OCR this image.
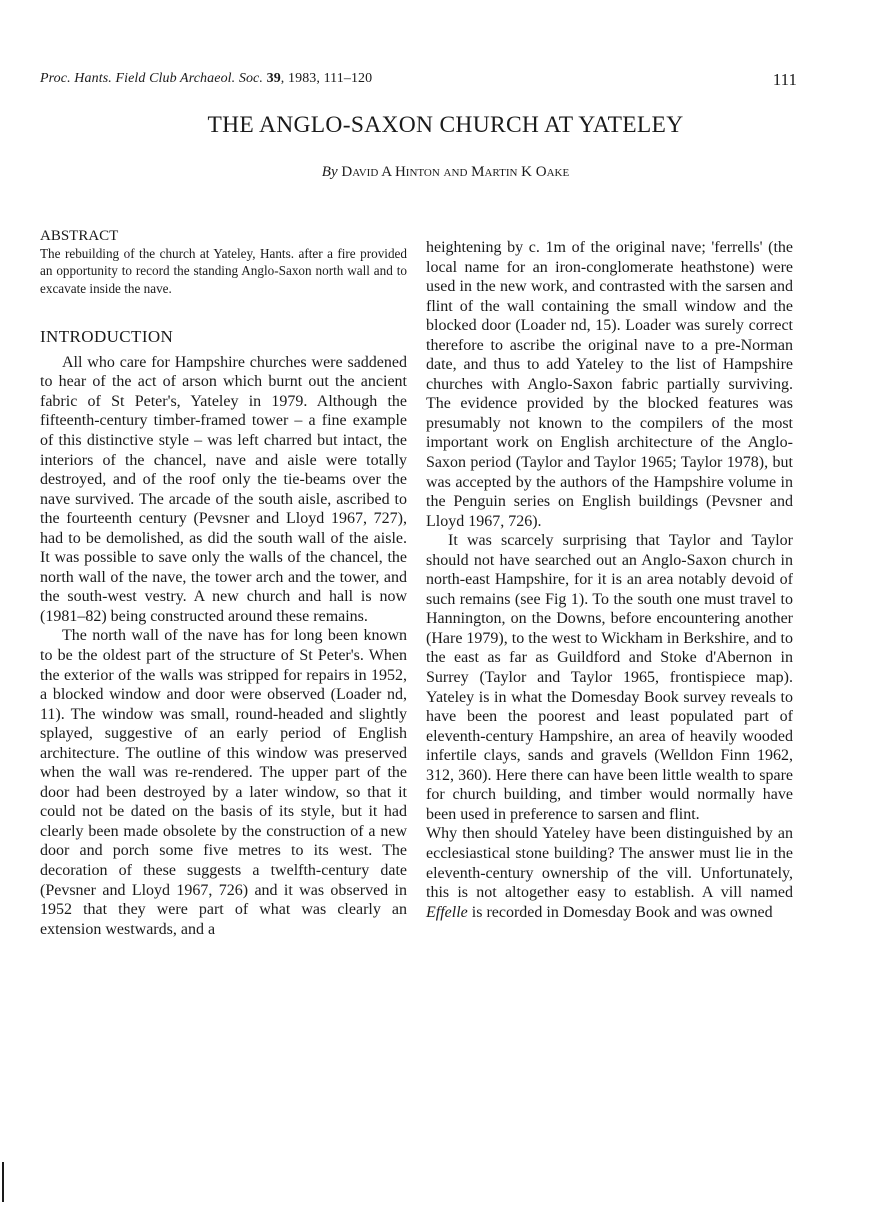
Proc. Hants. Field Club Archaeol. Soc. 39, 1983, 111–120	111
THE ANGLO-SAXON CHURCH AT YATELEY
By David A Hinton and Martin K Oake

ABSTRACT

The rebuilding of the church at Yateley, Hants. after a fire provided an opportunity to record the standing Anglo-Saxon north wall and to excavate inside the nave.

INTRODUCTION

All who care for Hampshire churches were saddened to hear of the act of arson which burnt out the ancient fabric of St Peter's, Yateley in 1979. Although the fifteenth-century timber-framed tower – a fine example of this distinctive style – was left charred but intact, the interiors of the chancel, nave and aisle were totally destroyed, and of the roof only the tie-beams over the nave survived. The arcade of the south aisle, ascribed to the fourteenth century (Pevsner and Lloyd 1967, 727), had to be demolished, as did the south wall of the aisle. It was possible to save only the walls of the chancel, the north wall of the nave, the tower arch and the tower, and the south-west vestry. A new church and hall is now (1981–82) being constructed around these remains.

The north wall of the nave has for long been known to be the oldest part of the structure of St Peter's. When the exterior of the walls was stripped for repairs in 1952, a blocked window and door were observed (Loader nd, 11). The window was small, round-headed and slightly splayed, suggestive of an early period of English architecture. The outline of this window was preserved when the wall was re-rendered. The upper part of the door had been destroyed by a later window, so that it could not be dated on the basis of its style, but it had clearly been made obsolete by the construction of a new door and porch some five metres to its west. The decoration of these suggests a twelfth-century date (Pevsner and Lloyd 1967, 726) and it was observed in 1952 that they were part of what was clearly an extension westwards, and a

heightening by c. 1m of the original nave; 'ferrells' (the local name for an iron-conglomerate heathstone) were used in the new work, and contrasted with the sarsen and flint of the wall containing the small window and the blocked door (Loader nd, 15). Loader was surely correct therefore to ascribe the original nave to a pre-Norman date, and thus to add Yateley to the list of Hampshire churches with Anglo-Saxon fabric partially surviving. The evidence provided by the blocked features was presumably not known to the compilers of the most important work on English architecture of the Anglo-Saxon period (Taylor and Taylor 1965; Taylor 1978), but was accepted by the authors of the Hampshire volume in the Penguin series on English buildings (Pevsner and Lloyd 1967, 726).

It was scarcely surprising that Taylor and Taylor should not have searched out an Anglo-Saxon church in north-east Hampshire, for it is an area notably devoid of such remains (see Fig 1). To the south one must travel to Hannington, on the Downs, before encountering another (Hare 1979), to the west to Wickham in Berkshire, and to the east as far as Guildford and Stoke d'Abernon in Surrey (Taylor and Taylor 1965, frontispiece map). Yateley is in what the Domesday Book survey reveals to have been the poorest and least populated part of eleventh-century Hampshire, an area of heavily wooded infertile clays, sands and gravels (Welldon Finn 1962, 312, 360). Here there can have been little wealth to spare for church building, and timber would normally have been used in preference to sarsen and flint.

Why then should Yateley have been distinguished by an ecclesiastical stone building? The answer must lie in the eleventh-century ownership of the vill. Unfortunately, this is not altogether easy to establish. A vill named Effelle is recorded in Domesday Book and was owned
